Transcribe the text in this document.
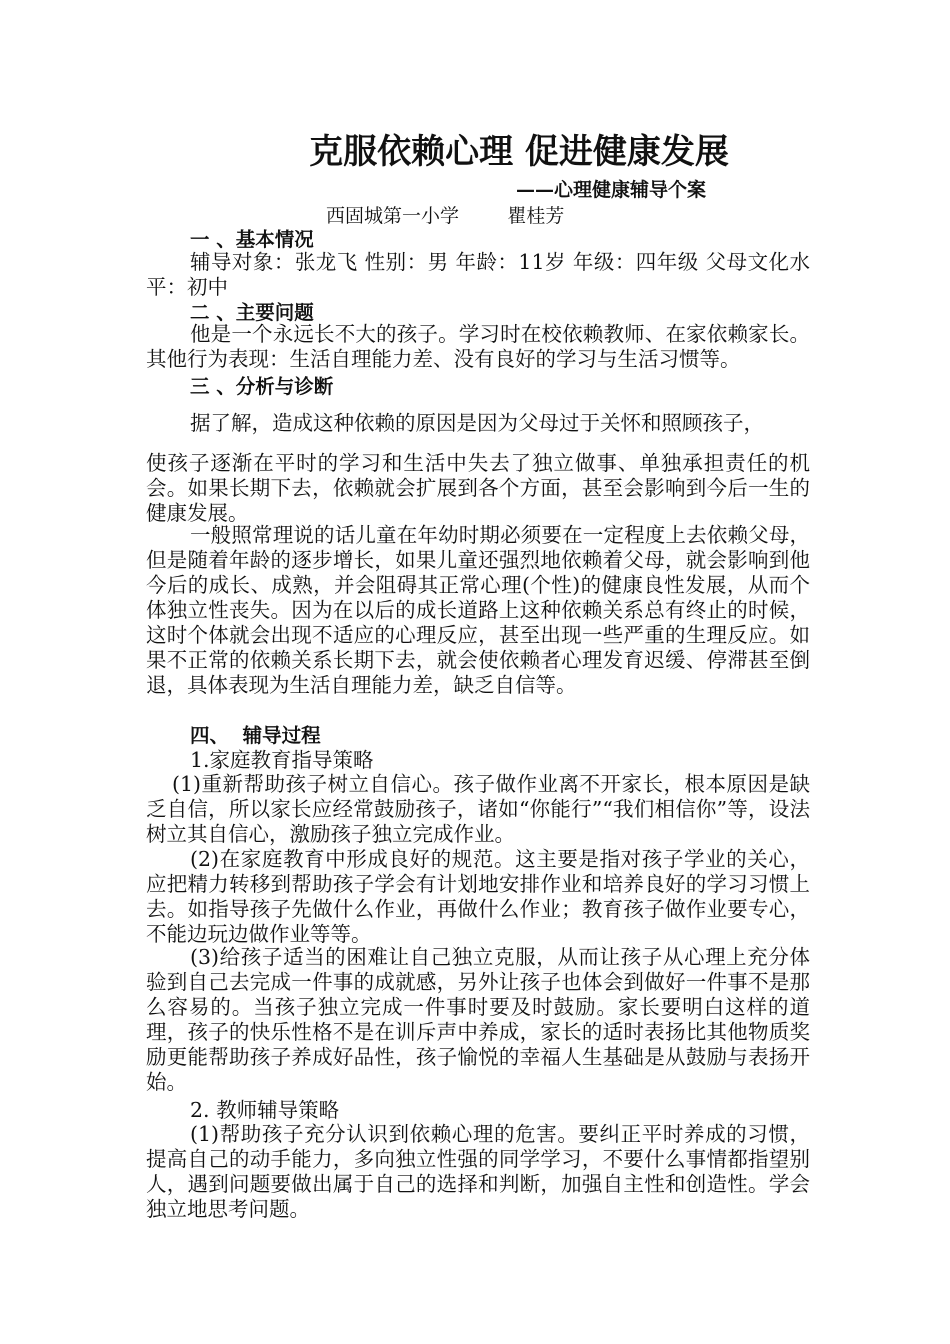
克服依赖心理 促进健康发展
——心理健康辅导个案
西固城第一小学        瞿桂芳
一 、基本情况
辅导对象：张龙飞 性别：男 年龄：11岁 年级：四年级 父母文化水平：初中
二 、主要问题
他是一个永远长不大的孩子。学习时在校依赖教师、在家依赖家长。其他行为表现：生活自理能力差、没有良好的学习与生活习惯等。
三 、分析与诊断
据了解，造成这种依赖的原因是因为父母过于关怀和照顾孩子，
使孩子逐渐在平时的学习和生活中失去了独立做事、单独承担责任的机会。如果长期下去，依赖就会扩展到各个方面，甚至会影响到今后一生的健康发展。
一般照常理说的话儿童在年幼时期必须要在一定程度上去依赖父母，但是随着年龄的逐步增长，如果儿童还强烈地依赖着父母，就会影响到他今后的成长、成熟，并会阻碍其正常心理(个性)的健康良性发展，从而个体独立性丧失。因为在以后的成长道路上这种依赖关系总有终止的时候，这时个体就会出现不适应的心理反应，甚至出现一些严重的生理反应。如果不正常的依赖关系长期下去，就会使依赖者心理发育迟缓、停滞甚至倒退，具体表现为生活自理能力差，缺乏自信等。
四、  辅导过程
1.家庭教育指导策略
(1)重新帮助孩子树立自信心。孩子做作业离不开家长，根本原因是缺乏自信，所以家长应经常鼓励孩子，诸如“你能行”“我们相信你”等，设法树立其自信心，激励孩子独立完成作业。
(2)在家庭教育中形成良好的规范。这主要是指对孩子学业的关心，应把精力转移到帮助孩子学会有计划地安排作业和培养良好的学习习惯上去。如指导孩子先做什么作业，再做什么作业；教育孩子做作业要专心，不能边玩边做作业等等。
(3)给孩子适当的困难让自己独立克服，从而让孩子从心理上充分体验到自己去完成一件事的成就感，另外让孩子也体会到做好一件事不是那么容易的。当孩子独立完成一件事时要及时鼓励。家长要明白这样的道理，孩子的快乐性格不是在训斥声中养成，家长的适时表扬比其他物质奖励更能帮助孩子养成好品性，孩子愉悦的幸福人生基础是从鼓励与表扬开始。
2. 教师辅导策略
(1)帮助孩子充分认识到依赖心理的危害。要纠正平时养成的习惯，提高自己的动手能力，多向独立性强的同学学习，不要什么事情都指望别人，遇到问题要做出属于自己的选择和判断，加强自主性和创造性。学会独立地思考问题。
